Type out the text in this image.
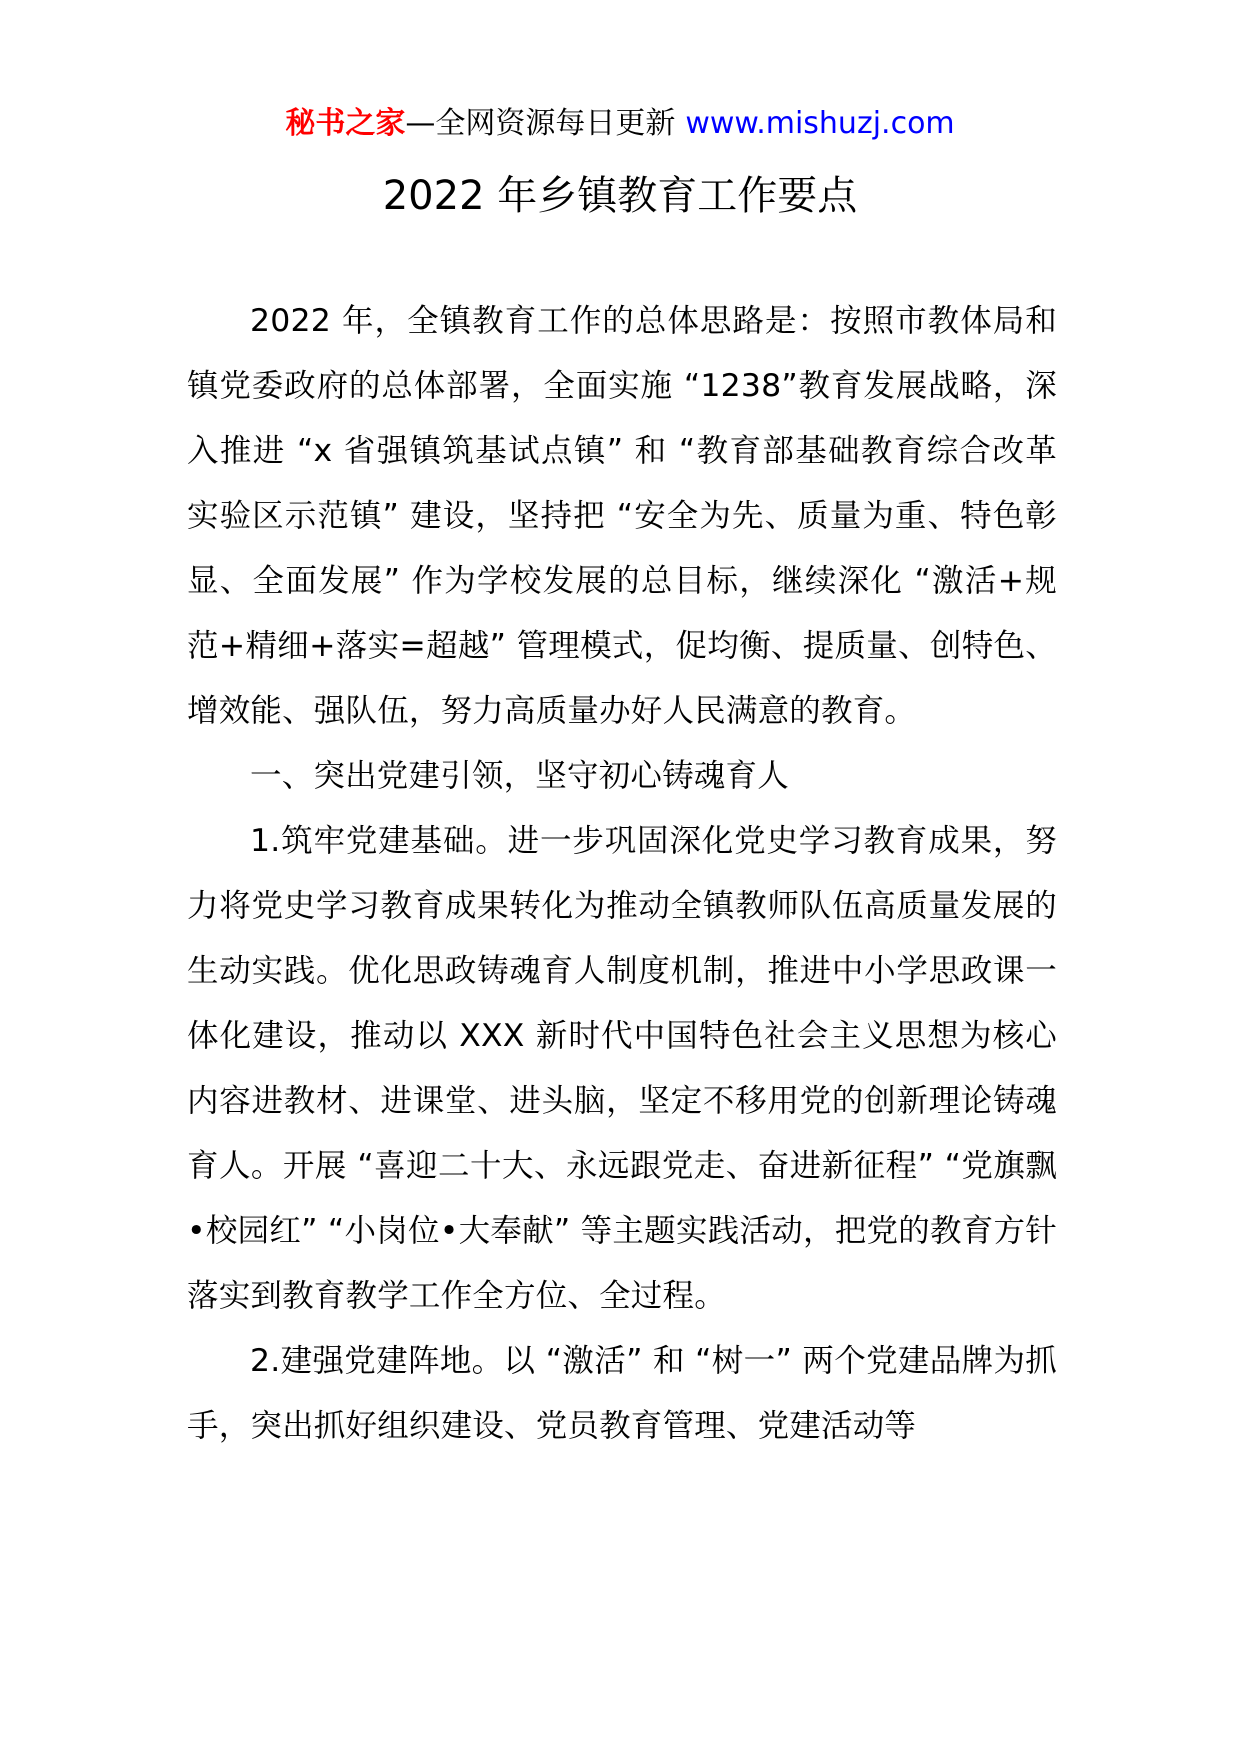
秘书之家—全网资源每日更新 www.mishuzj.com
2022 年乡镇教育工作要点

2022 年，全镇教育工作的总体思路是：按照市教体局和镇党委政府的总体部署，全面实施 “1238”教育发展战略，深入推进 “x 省强镇筑基试点镇” 和 “教育部基础教育综合改革实验区示范镇” 建设，坚持把 “安全为先、质量为重、特色彰显、全面发展” 作为学校发展的总目标，继续深化 “激活+规范+精细+落实=超越” 管理模式，促均衡、提质量、创特色、增效能、强队伍，努力高质量办好人民满意的教育。

一、突出党建引领，坚守初心铸魂育人

1.筑牢党建基础。进一步巩固深化党史学习教育成果，努力将党史学习教育成果转化为推动全镇教师队伍高质量发展的生动实践。优化思政铸魂育人制度机制，推进中小学思政课一体化建设，推动以 XXX 新时代中国特色社会主义思想为核心内容进教材、进课堂、进头脑，坚定不移用党的创新理论铸魂育人。开展 “喜迎二十大、永远跟党走、奋进新征程” “党旗飘•校园红” “小岗位•大奉献” 等主题实践活动，把党的教育方针落实到教育教学工作全方位、全过程。

2.建强党建阵地。以 “激活” 和 “树一” 两个党建品牌为抓手，突出抓好组织建设、党员教育管理、党建活动等
